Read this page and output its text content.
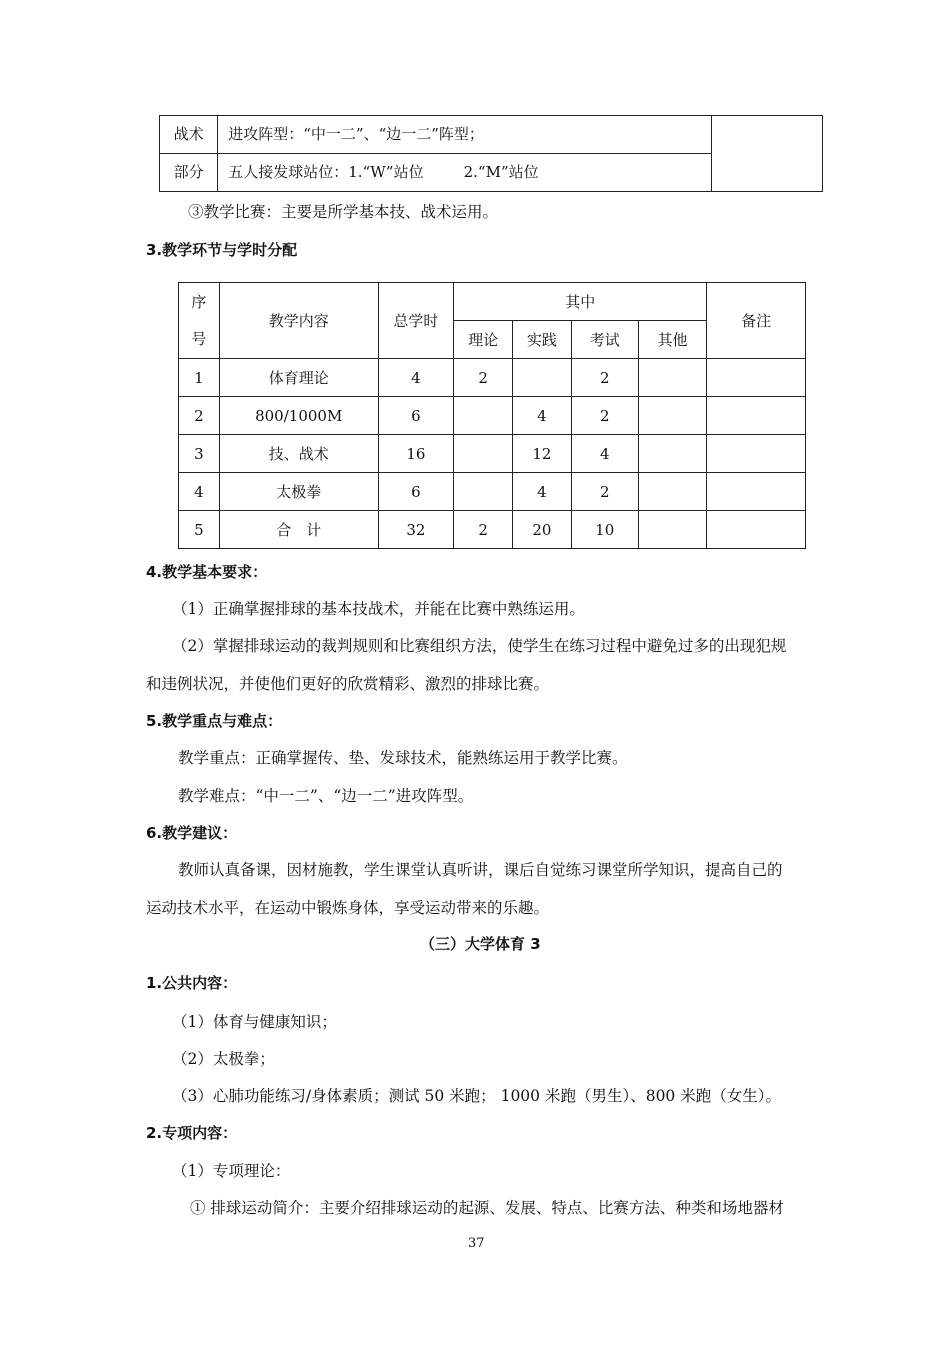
战术	进攻阵型：“中一二”、“边一二”阵型；	
部分	五人接发球站位：1.“W”站位 2.“M”站位	
③教学比赛：主要是所学基本技、战术运用。
3.教学环节与学时分配
序
号	教学内容	总学时	其中				备注
			理论	实践	考试	其他	
1	体育理论	4	2		2		
2	800/1000M	6		4	2		
3	技、战术	16		12	4		
4	太极拳	6		4	2		
5	合　计	32	2	20	10		
4.教学基本要求：
（1）正确掌握排球的基本技战术，并能在比赛中熟练运用。
（2）掌握排球运动的裁判规则和比赛组织方法，使学生在练习过程中避免过多的出现犯规
和违例状况，并使他们更好的欣赏精彩、激烈的排球比赛。
5.教学重点与难点：
教学重点：正确掌握传、垫、发球技术，能熟练运用于教学比赛。
教学难点：“中一二”、“边一二”进攻阵型。
6.教学建议：
教师认真备课，因材施教，学生课堂认真听讲，课后自觉练习课堂所学知识，提高自己的
运动技术水平，在运动中锻炼身体，享受运动带来的乐趣。
（三）大学体育 3
1.公共内容：
（1）体育与健康知识；
（2）太极拳；
（3）心肺功能练习/身体素质；测试 50 米跑； 1000 米跑（男生）、800 米跑（女生）。
2.专项内容：
（1）专项理论：
① 排球运动简介：主要介绍排球运动的起源、发展、特点、比赛方法、种类和场地器材
37
